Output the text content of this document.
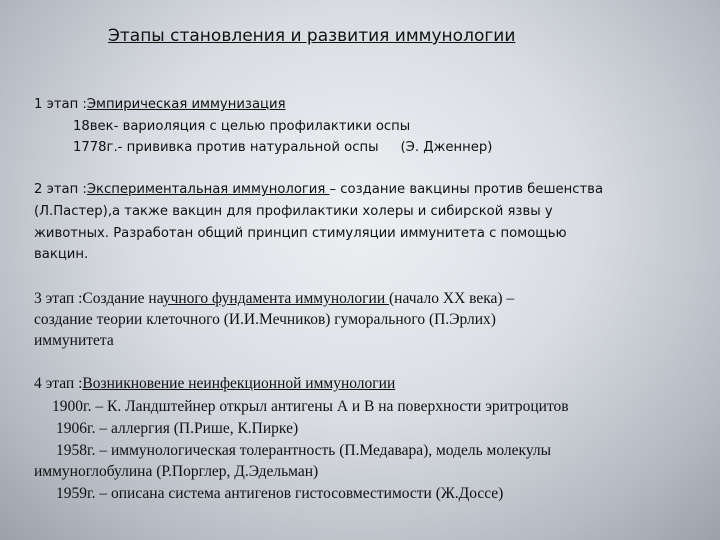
Этапы становления и развития иммунологии
1 этап :Эмпирическая иммунизация
18век- вариоляция с целью профилактики оспы
1778г.- прививка против натуральной оспы (Э. Дженнер)
2 этап :Экспериментальная иммунология – создание вакцины против бешенства
(Л.Пастер),а также вакцин для профилактики холеры и сибирской язвы у
животных. Разработан общий принцип стимуляции иммунитета с помощью
вакцин.
3 этап :Создание научного фундамента иммунологии (начало XX века) –
создание теории клеточного (И.И.Мечников) гуморального (П.Эрлих)
иммунитета
4 этап :Возникновение неинфекционной иммунологии
1900г. – К. Ландштейнер открыл антигены А и В на поверхности эритроцитов
1906г. – аллергия (П.Рише, К.Пирке)
1958г. – иммунологическая толерантность (П.Медавара), модель молекулы
иммуноглобулина (Р.Порглер, Д.Эдельман)
1959г. – описана система антигенов гистосовместимости (Ж.Доссе)
